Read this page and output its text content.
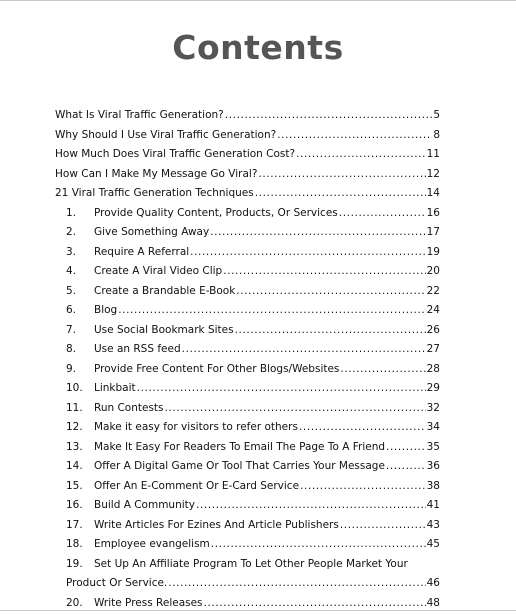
Contents
What Is Viral Traffic Generation? .....	5
Why Should I Use Viral Traffic Generation? .....	8
How Much Does Viral Traffic Generation Cost? .....	11
How Can I Make My Message Go Viral? .....	12
21 Viral Traffic Generation Techniques .....	14
1.	Provide Quality Content, Products, Or Services .....	16
2.	Give Something Away .....	17
3.	Require A Referral .....	19
4.	Create A Viral Video Clip .....	20
5.	Create a Brandable E-Book .....	22
6.	Blog .....	24
7.	Use Social Bookmark Sites .....	26
8.	Use an RSS feed .....	27
9.	Provide Free Content For Other Blogs/Websites .....	28
10.	Linkbait .....	29
11.	Run Contests .....	32
12.	Make it easy for visitors to refer others .....	34
13.	Make It Easy For Readers To Email The Page To A Friend .....	35
14.	Offer A Digital Game Or Tool That Carries Your Message .....	36
15.	Offer An E-Comment Or E-Card Service .....	38
16.	Build A Community .....	41
17.	Write Articles For Ezines And Article Publishers .....	43
18.	Employee evangelism .....	45
19.	Set Up An Affiliate Program To Let Other People Market Your
Product Or Service. .....	46
20.	Write Press Releases .....	48
